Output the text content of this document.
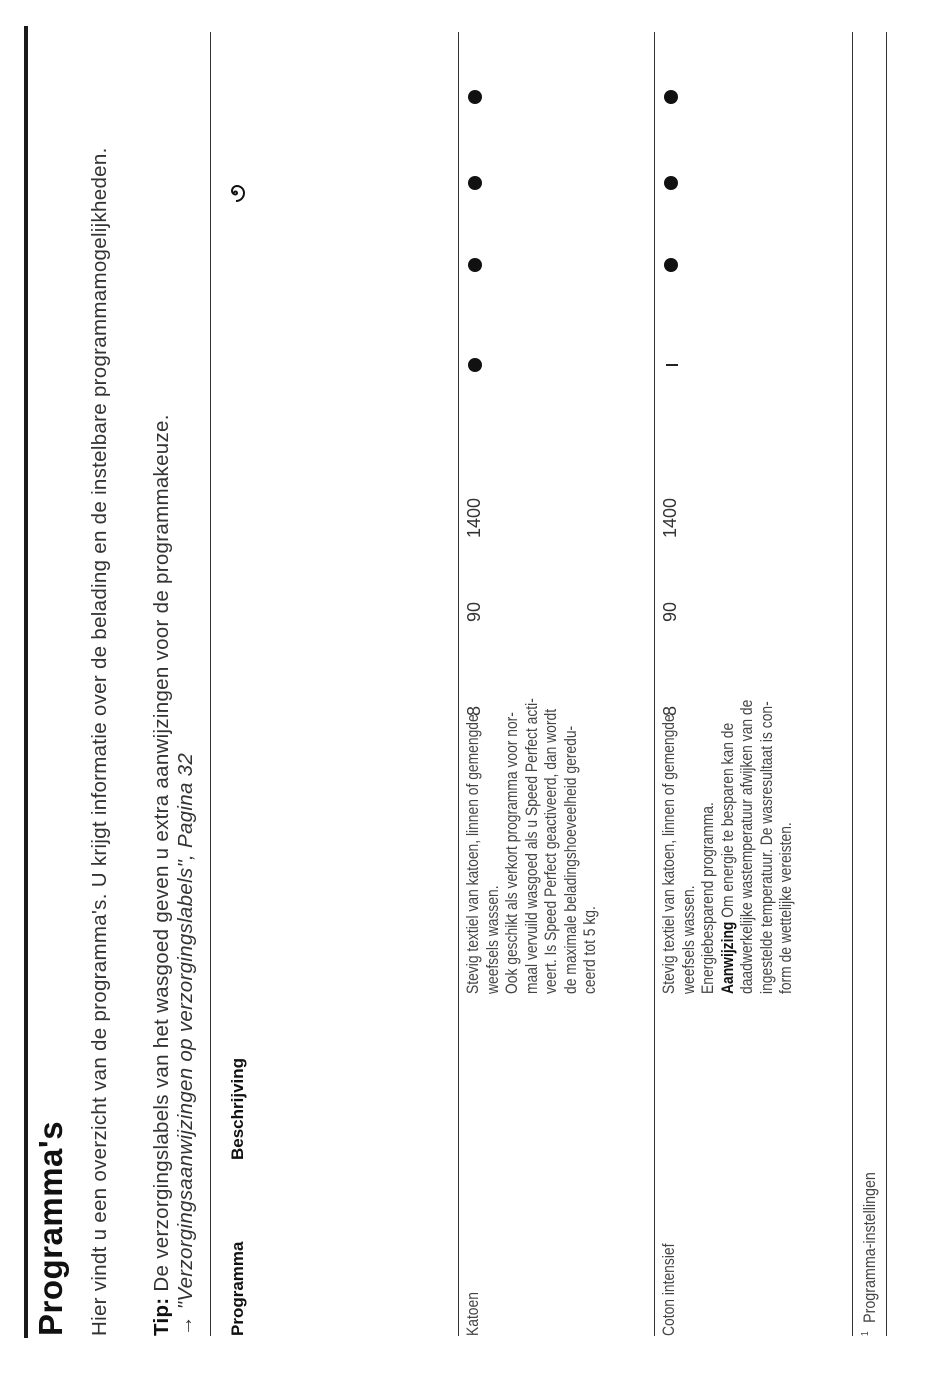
Programma's Hier vindt u een overzicht van de programma's. U krijgt informatie over de belading en de instelbare programmamogelijkheden. Tip: De verzorgingslabels van het wasgoed geven u extra aanwijzingen voor de programmakeuze.
→ "Verzorgingsaanwijzingen op verzorgingslabels", Pagina 32 Programma
Beschrijving
Katoen
Stevig textiel van katoen, linnen of gemengde weefsels wassen. Ook geschikt als verkort programma voor nor- maal vervuild wasgoed als u Speed Perfect acti- veert. Is Speed Perfect geactiveerd, dan wordt de maximale beladingshoeveelheid geredu- ceerd tot 5 kg.
8
90
1400
Coton intensief
Stevig textiel van katoen, linnen of gemengde weefsels wassen. Energiebesparend programma. Aanwijzing Om energie te besparen kan de daadwerkelijke wastemperatuur afwijken van de ingestelde temperatuur. De wasresultaat is con- form de wettelijke vereisten.
8
90
1400
$^1$Programma-instellingen
